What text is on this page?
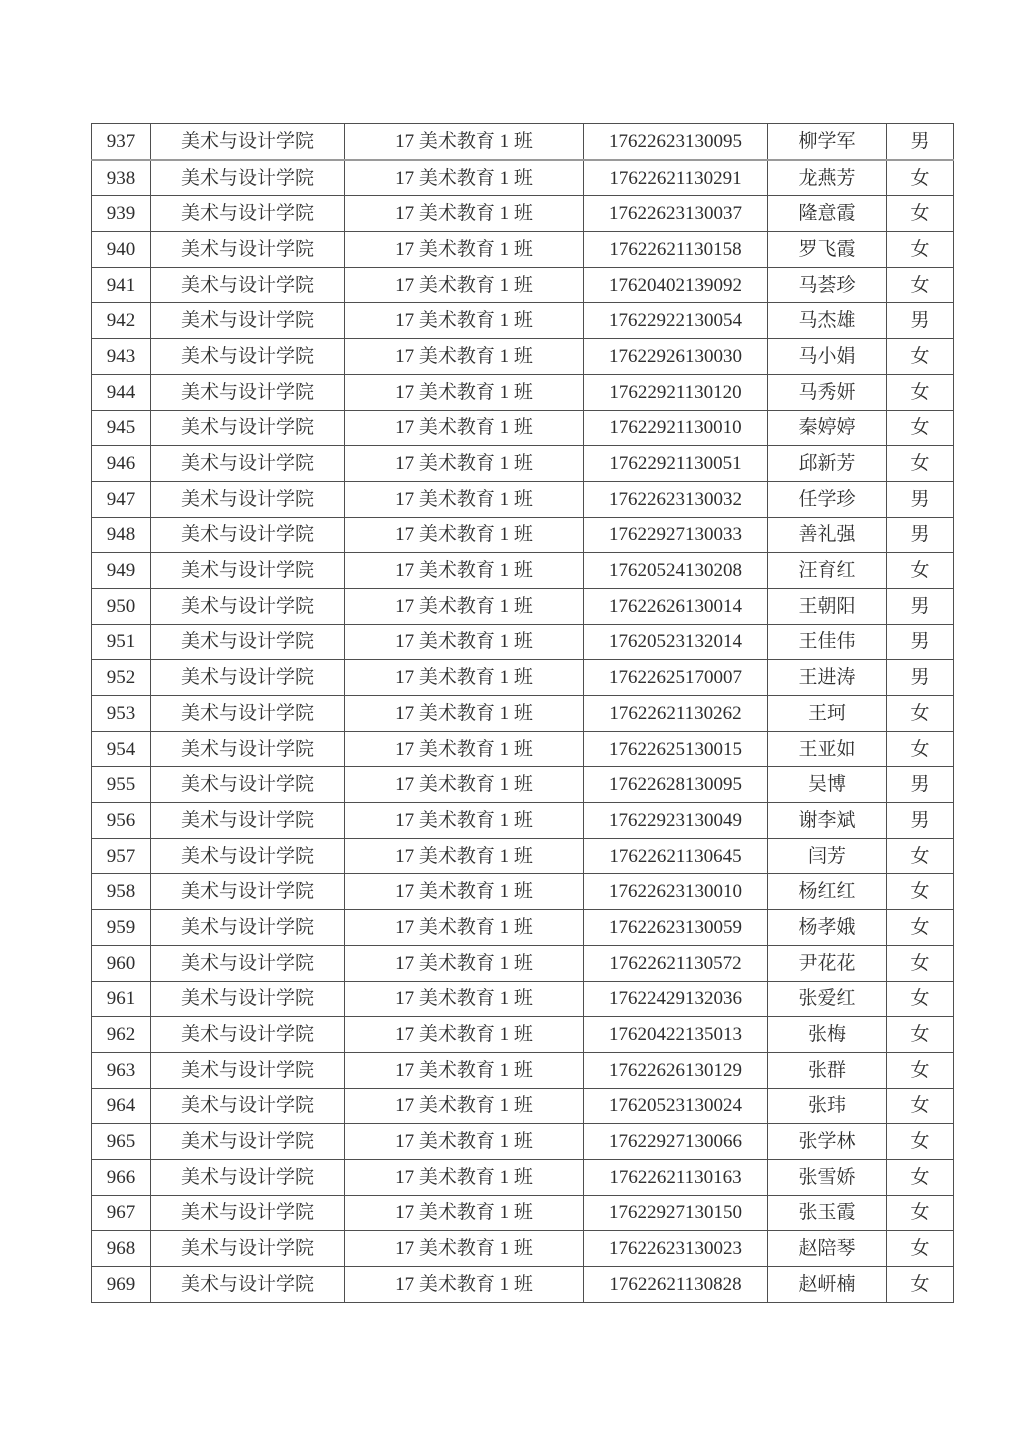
937	美术与设计学院	17 美术教育 1 班	17622623130095	柳学军	男
938	美术与设计学院	17 美术教育 1 班	17622621130291	龙燕芳	女
939	美术与设计学院	17 美术教育 1 班	17622623130037	隆意霞	女
940	美术与设计学院	17 美术教育 1 班	17622621130158	罗飞霞	女
941	美术与设计学院	17 美术教育 1 班	17620402139092	马荟珍	女
942	美术与设计学院	17 美术教育 1 班	17622922130054	马杰雄	男
943	美术与设计学院	17 美术教育 1 班	17622926130030	马小娟	女
944	美术与设计学院	17 美术教育 1 班	17622921130120	马秀妍	女
945	美术与设计学院	17 美术教育 1 班	17622921130010	秦婷婷	女
946	美术与设计学院	17 美术教育 1 班	17622921130051	邱新芳	女
947	美术与设计学院	17 美术教育 1 班	17622623130032	任学珍	男
948	美术与设计学院	17 美术教育 1 班	17622927130033	善礼强	男
949	美术与设计学院	17 美术教育 1 班	17620524130208	汪育红	女
950	美术与设计学院	17 美术教育 1 班	17622626130014	王朝阳	男
951	美术与设计学院	17 美术教育 1 班	17620523132014	王佳伟	男
952	美术与设计学院	17 美术教育 1 班	17622625170007	王进涛	男
953	美术与设计学院	17 美术教育 1 班	17622621130262	王珂	女
954	美术与设计学院	17 美术教育 1 班	17622625130015	王亚如	女
955	美术与设计学院	17 美术教育 1 班	17622628130095	吴博	男
956	美术与设计学院	17 美术教育 1 班	17622923130049	谢李斌	男
957	美术与设计学院	17 美术教育 1 班	17622621130645	闫芳	女
958	美术与设计学院	17 美术教育 1 班	17622623130010	杨红红	女
959	美术与设计学院	17 美术教育 1 班	17622623130059	杨孝娥	女
960	美术与设计学院	17 美术教育 1 班	17622621130572	尹花花	女
961	美术与设计学院	17 美术教育 1 班	17622429132036	张爱红	女
962	美术与设计学院	17 美术教育 1 班	17620422135013	张梅	女
963	美术与设计学院	17 美术教育 1 班	17622626130129	张群	女
964	美术与设计学院	17 美术教育 1 班	17620523130024	张玮	女
965	美术与设计学院	17 美术教育 1 班	17622927130066	张学林	女
966	美术与设计学院	17 美术教育 1 班	17622621130163	张雪娇	女
967	美术与设计学院	17 美术教育 1 班	17622927130150	张玉霞	女
968	美术与设计学院	17 美术教育 1 班	17622623130023	赵陪琴	女
969	美术与设计学院	17 美术教育 1 班	17622621130828	赵岍楠	女
